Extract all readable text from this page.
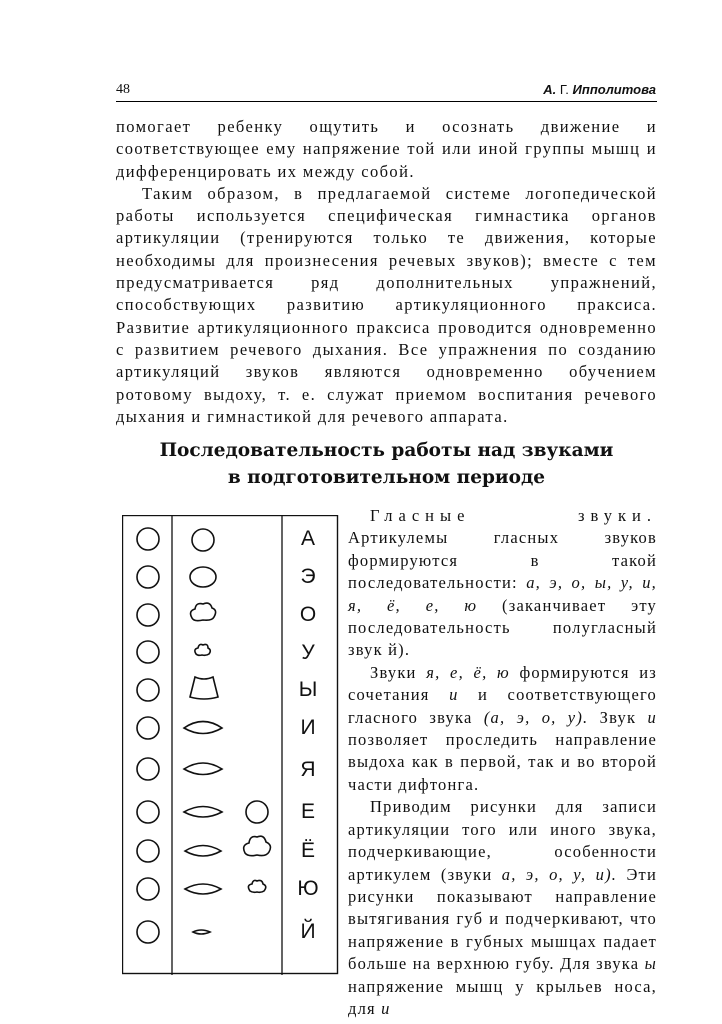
48	А. Г. Ипполитова

помогает ребенку ощутить и осознать движение и соответствующее ему напряжение той или иной группы мышц и дифференцировать их между собой.

Таким образом, в предлагаемой системе логопедической работы используется специфическая гимнастика органов артикуляции (тренируются только те движения, которые необходимы для произнесения речевых звуков); вместе с тем предусматривается ряд дополнительных упражнений, способствующих развитию артикуляционного праксиса. Развитие артикуляционного праксиса проводится одновременно с развитием речевого дыхания. Все упражнения по созданию артикуляций звуков являются одновременно обучением ротовому выдоху, т. е. служат приемом воспитания речевого дыхания и гимнастикой для речевого аппарата.

Последовательность работы над звуками
в подготовительном периоде
А
Э
О
У
Ы
И
Я
Е
Ё
Ю
Й

Гласные звуки. Артикулемы гласных звуков формируются в такой последовательности: а, э, о, ы, у, и, я, ё, е, ю (заканчивает эту последовательность полугласный звук й).

Звуки я, е, ё, ю формируются из сочетания и и соответствующего гласного звука (а, э, о, у). Звук и позволяет проследить направление выдоха как в первой, так и во второй части дифтонга.

Приводим рисунки для записи артикуляции того или иного звука, подчеркивающие, особенности артикулем (звуки а, э, о, у, и). Эти рисунки показывают направление вытягивания губ и подчеркивают, что напряжение в губных мышцах падает больше на верхнюю губу. Для звука ы напряжение мышц у крыльев носа, для и
